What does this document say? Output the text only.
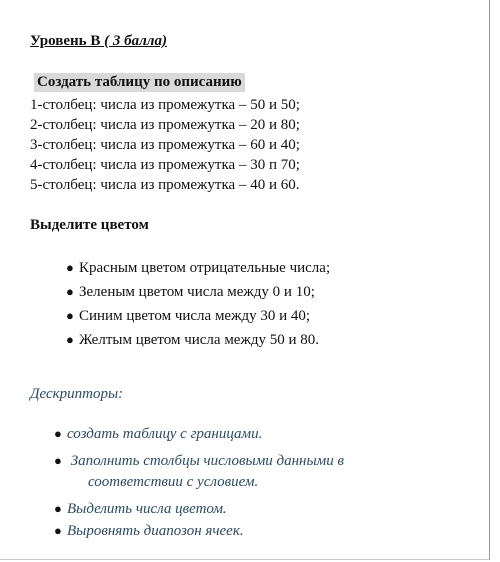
Уровень В ( 3 балла)
Создать таблицу по описанию
1-столбец: числа из промежутка – 50 и 50;
2-столбец: числа из промежутка – 20 и 80;
3-столбец: числа из промежутка – 60 и 40;
4-столбец: числа из промежутка – 30 п 70;
5-столбец: числа из промежутка – 40 и 60.
Выделите цветом
● Красным цветом отрицательные числа;
● Зеленым цветом числа между 0 и 10;
● Синим цветом числа между 30 и 40;
● Желтым цветом числа между 50 и 80.
Дескрипторы:
● создать таблицу с границами.
● Заполнить столбцы числовыми данными в
соответствии с условием.
● Выделить числа цветом.
● Выровнять диапозон ячеек.
